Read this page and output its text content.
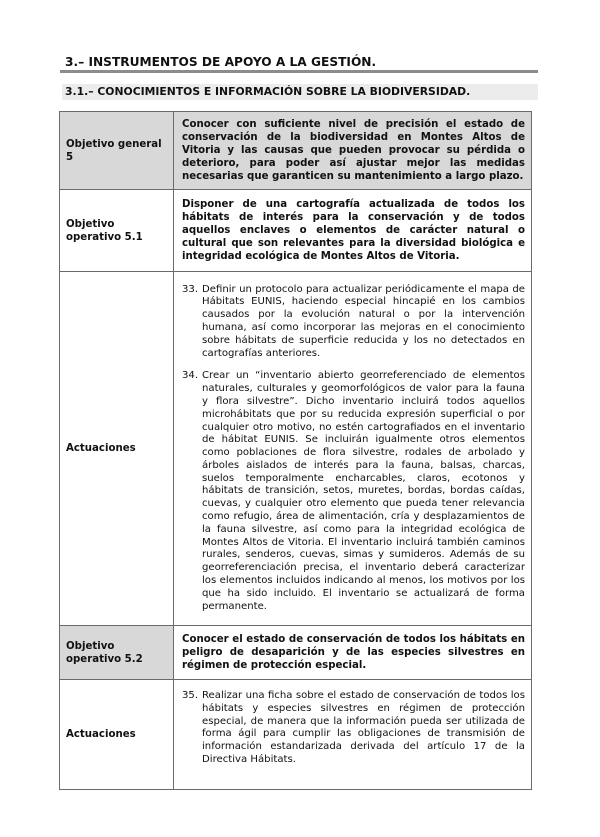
3.– INSTRUMENTOS DE APOYO A LA GESTIÓN.
3.1.– CONOCIMIENTOS E INFORMACIÓN SOBRE LA BIODIVERSIDAD.
Objetivo general 5	Conocer con suficiente nivel de precisión el estado de conservación de la biodiversidad en Montes Altos de Vitoria y las causas que pueden provocar su pérdida o deterioro, para poder así ajustar mejor las medidas necesarias que garanticen su mantenimiento a largo plazo.

Objetivo operativo 5.1	Disponer de una cartografía actualizada de todos los hábitats de interés para la conservación y de todos aquellos enclaves o elementos de carácter natural o cultural que son relevantes para la diversidad biológica e integridad ecológica de Montes Altos de Vitoria.

Actuaciones	33. Definir un protocolo para actualizar periódicamente el mapa de Hábitats EUNIS, haciendo especial hincapié en los cambios causados por la evolución natural o por la intervención humana, así como incorporar las mejoras en el conocimiento sobre hábitats de superficie reducida y los no detectados en cartografías anteriores.
34. Crear un “inventario abierto georreferenciado de elementos naturales, culturales y geomorfológicos de valor para la fauna y flora silvestre”. Dicho inventario incluirá todos aquellos microhábitats que por su reducida expresión superficial o por cualquier otro motivo, no estén cartografiados en el inventario de hábitat EUNIS. Se incluirán igualmente otros elementos como poblaciones de flora silvestre, rodales de arbolado y árboles aislados de interés para la fauna, balsas, charcas, suelos temporalmente encharcables, claros, ecotonos y hábitats de transición, setos, muretes, bordas, bordas caídas, cuevas, y cualquier otro elemento que pueda tener relevancia como refugio, área de alimentación, cría y desplazamientos de la fauna silvestre, así como para la integridad ecológica de Montes Altos de Vitoria. El inventario incluirá también caminos rurales, senderos, cuevas, simas y sumideros. Además de su georreferenciación precisa, el inventario deberá caracterizar los elementos incluidos indicando al menos, los motivos por los que ha sido incluido. El inventario se actualizará de forma permanente.

Objetivo operativo 5.2	Conocer el estado de conservación de todos los hábitats en peligro de desaparición y de las especies silvestres en régimen de protección especial.

Actuaciones	35. Realizar una ficha sobre el estado de conservación de todos los hábitats y especies silvestres en régimen de protección especial, de manera que la información pueda ser utilizada de forma ágil para cumplir las obligaciones de transmisión de información estandarizada derivada del artículo 17 de la Directiva Hábitats.
